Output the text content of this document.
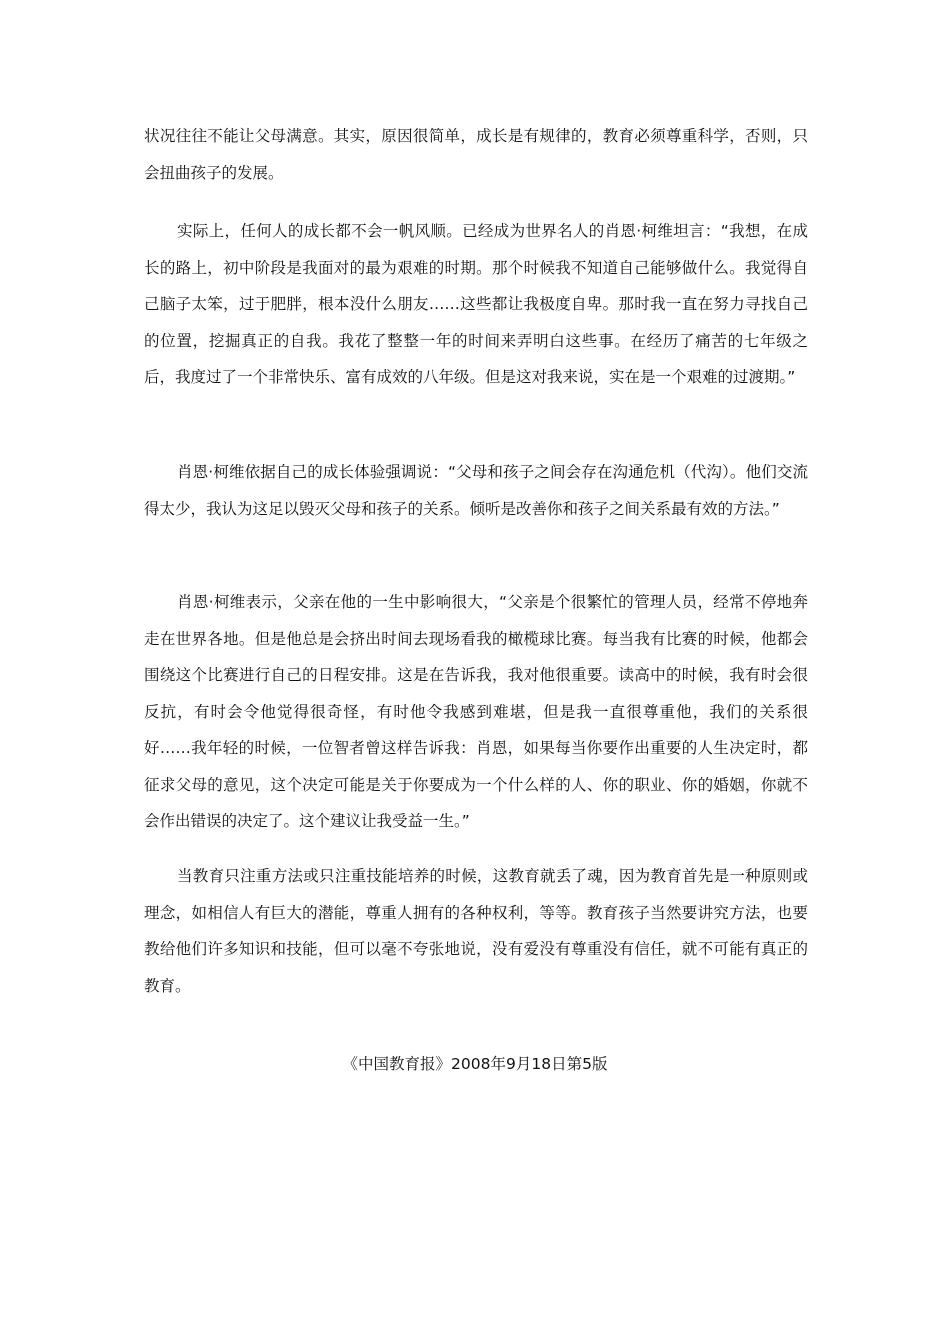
状况往往不能让父母满意。其实，原因很简单，成长是有规律的，教育必须尊重科学，否则，只会扭曲孩子的发展。

实际上，任何人的成长都不会一帆风顺。已经成为世界名人的肖恩·柯维坦言：“我想，在成长的路上，初中阶段是我面对的最为艰难的时期。那个时候我不知道自己能够做什么。我觉得自己脑子太笨，过于肥胖，根本没什么朋友……这些都让我极度自卑。那时我一直在努力寻找自己的位置，挖掘真正的自我。我花了整整一年的时间来弄明白这些事。在经历了痛苦的七年级之后，我度过了一个非常快乐、富有成效的八年级。但是这对我来说，实在是一个艰难的过渡期。”

肖恩·柯维依据自己的成长体验强调说：“父母和孩子之间会存在沟通危机（代沟）。他们交流得太少，我认为这足以毁灭父母和孩子的关系。倾听是改善你和孩子之间关系最有效的方法。”

肖恩·柯维表示，父亲在他的一生中影响很大，“父亲是个很繁忙的管理人员，经常不停地奔走在世界各地。但是他总是会挤出时间去现场看我的橄榄球比赛。每当我有比赛的时候，他都会围绕这个比赛进行自己的日程安排。这是在告诉我，我对他很重要。读高中的时候，我有时会很反抗，有时会令他觉得很奇怪，有时他令我感到难堪，但是我一直很尊重他，我们的关系很好……我年轻的时候，一位智者曾这样告诉我：肖恩，如果每当你要作出重要的人生决定时，都征求父母的意见，这个决定可能是关于你要成为一个什么样的人、你的职业、你的婚姻，你就不会作出错误的决定了。这个建议让我受益一生。”

当教育只注重方法或只注重技能培养的时候，这教育就丢了魂，因为教育首先是一种原则或理念，如相信人有巨大的潜能，尊重人拥有的各种权利，等等。教育孩子当然要讲究方法，也要教给他们许多知识和技能，但可以毫不夸张地说，没有爱没有尊重没有信任，就不可能有真正的教育。

《中国教育报》2008年9月18日第5版
